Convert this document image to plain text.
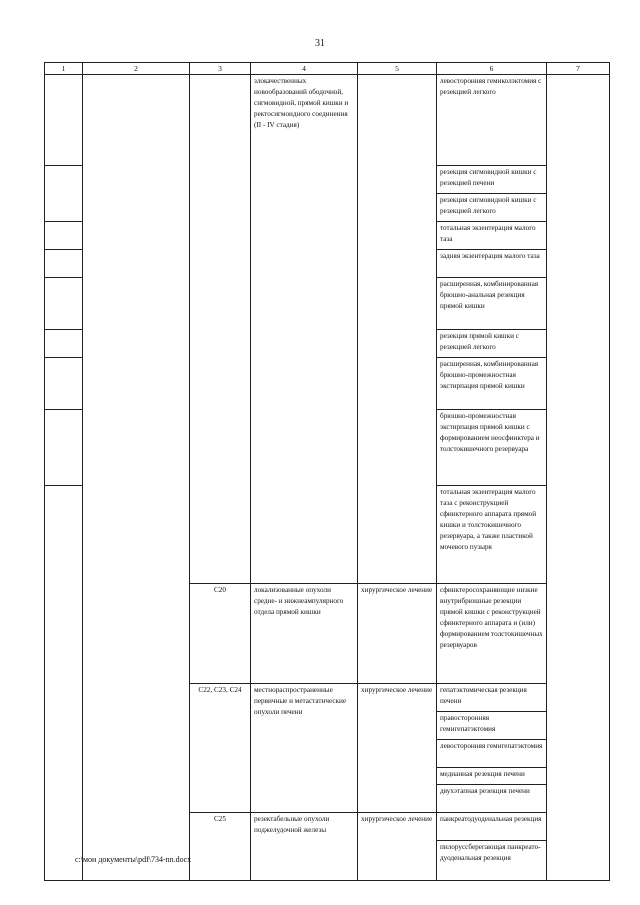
31
1	2	3	4	5	6	7
			злокачественных новообразований ободочной, сигмовидной, прямой кишки и ректосигмоидного соединения (II - IV стадия)		левосторонняя гемиколэктомия с резекцией легкого	
					резекция сигмовидной кишки с резекцией печени	
					резекция сигмовидной кишки с резекцией легкого	
					тотальная экзентерация малого таза	
					задняя экзентерация малого таза	
					расширенная, комбинированная брюшно-анальная резекция прямой кишки	
					резекция прямой кишки с резекцией легкого	
					расширенная, комбинированная брюшно-промежностная экстирпация прямой кишки	
					брюшно-промежностная экстирпация прямой кишки с формированием неосфинктера и толстокишечного резервуара	
					тотальная экзентерация малого таза с реконструкцией сфинктерного аппарата прямой кишки и толстокишечного резервуара, а также пластикой мочевого пузыря	
		C20	локализованные опухоли средне- и нижнеампулярного отдела прямой кишки	хирургическое лечение	сфинктеросохраняющие низкие внутрибрюшные резекции прямой кишки с реконструкцией сфинктерного аппарата и (или) формированием толстокишечных резервуаров	
		C22, C23, C24	местнораспространенные первичные и метастатические опухоли печени	хирургическое лечение	гепатэктомическая резекция печени	
					правосторонняя гемигепатэктомия	
					левосторонняя гемигепатэктомия	
					медианная резекция печени	
					двухэтапная резекция печени	
		C25	резектабельные опухоли поджелудочной железы	хирургическое лечение	панкреатодуоденальная резекция	
					пилоруссберегающая панкреато-дуоденальная резекция	
c:\мои документы\pdf\734-nn.docx
